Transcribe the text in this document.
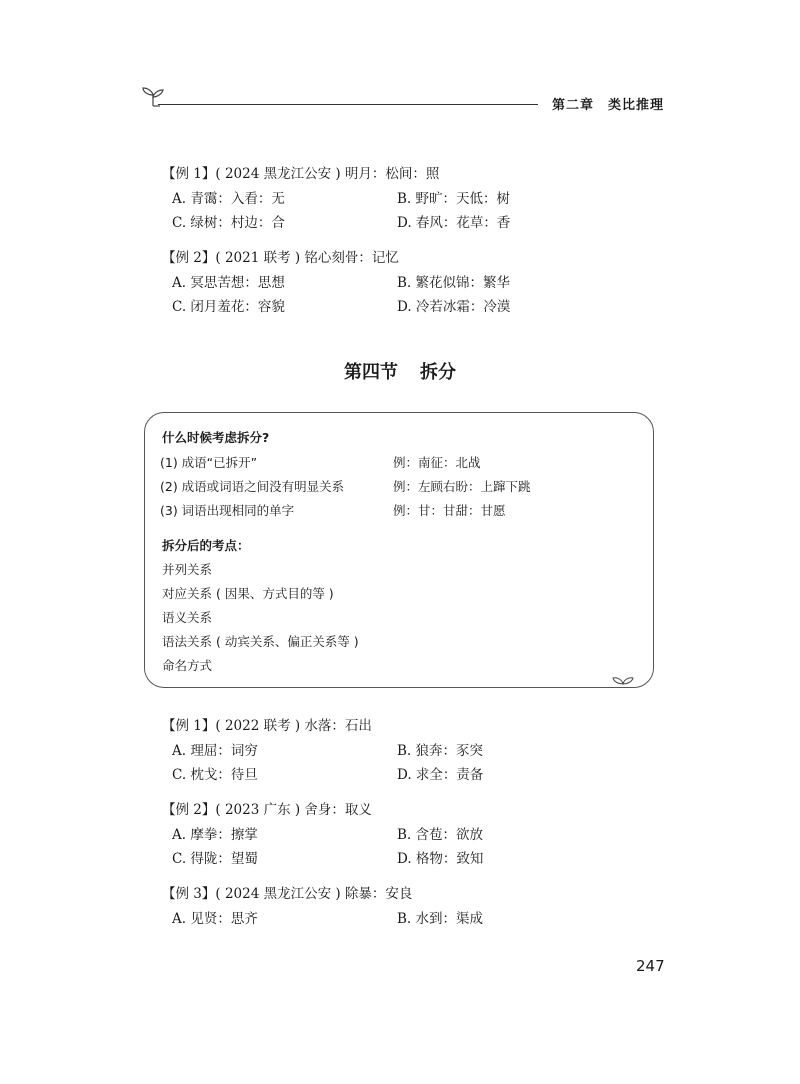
第二章 类比推理
【例 1】( 2024 黑龙江公安 ) 明月：松间：照
A. 青霭：入看：无	B. 野旷：天低：树
C. 绿树：村边：合	D. 春风：花草：香
【例 2】( 2021 联考 ) 铭心刻骨：记忆
A. 冥思苦想：思想	B. 繁花似锦：繁华
C. 闭月羞花：容貌	D. 冷若冰霜：冷漠
第四节 拆分
什么时候考虑拆分?
(1) 成语“已拆开”	例：南征：北战
(2) 成语或词语之间没有明显关系	例：左顾右盼：上蹿下跳
(3) 词语出现相同的单字	例：甘：甘甜：甘愿
拆分后的考点：
并列关系
对应关系 ( 因果、方式目的等 )
语义关系
语法关系 ( 动宾关系、偏正关系等 )
命名方式
【例 1】( 2022 联考 ) 水落：石出
A. 理屈：词穷	B. 狼奔：豕突
C. 枕戈：待旦	D. 求全：责备
【例 2】( 2023 广东 ) 舍身：取义
A. 摩拳：擦掌	B. 含苞：欲放
C. 得陇：望蜀	D. 格物：致知
【例 3】( 2024 黑龙江公安 ) 除暴：安良
A. 见贤：思齐	B. 水到：渠成
247
